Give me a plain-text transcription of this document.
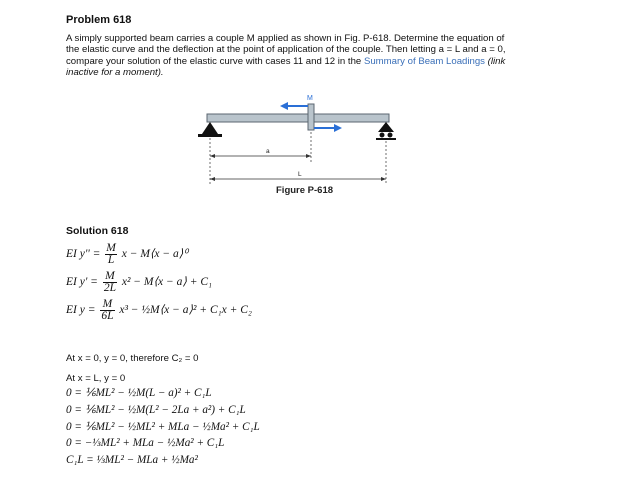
Problem 618
A simply supported beam carries a couple M applied as shown in Fig. P-618. Determine the equation of the elastic curve and the deflection at the point of application of the couple. Then letting a = L and a = 0, compare your solution of the elastic curve with cases 11 and 12 in the Summary of Beam Loadings (link inactive for a moment).
M
a
L
Figure P-618
Solution 618
EI $y'' = \frac{M}{L}$ x − M⟨x − a⟩⁰
EI $y' = \frac{M}{2L} x^2$ − M⟨x − a⟩ + C₁
EI $y = \frac{M}{6L} x^3$ − ½M⟨x − a⟩² + C₁x + C₂
At x = 0, y = 0, therefore C₂ = 0
At x = L, y = 0
0 = ⅙ML² − ½M(L − a)² + C₁L
0 = ⅙ML² − ½M(L² − 2La + a²) + C₁L
0 = ⅙ML² − ½ML² + MLa − ½Ma² + C₁L
0 = −⅓ML² + MLa − ½Ma² + C₁L
C₁L = ⅓ML² − MLa + ½Ma²
